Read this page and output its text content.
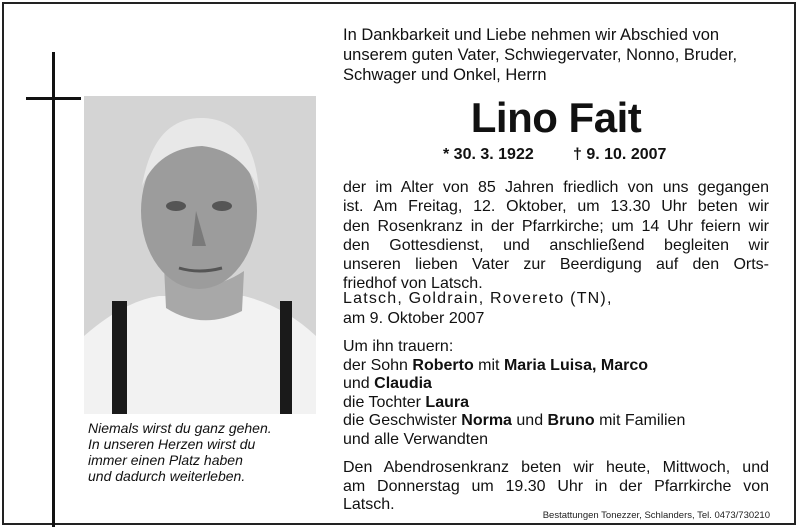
Niemals wirst du ganz gehen.
In unseren Herzen wirst du
immer einen Platz haben
und dadurch weiterleben.
In Dankbarkeit und Liebe nehmen wir Abschied von
unserem guten Vater, Schwiegervater, Nonno, Bruder,
Schwager und Onkel, Herrn
Lino Fait
* 30. 3. 1922 † 9. 10. 2007
der im Alter von 85 Jahren friedlich von uns gegangen
ist. Am Freitag, 12. Oktober, um 13.30 Uhr beten wir
den Rosenkranz in der Pfarrkirche; um 14 Uhr feiern wir
den Gottesdienst, und anschließend begleiten wir
unseren lieben Vater zur Beerdigung auf den Orts-
friedhof von Latsch.
Latsch, Goldrain, Rovereto (TN),
am 9. Oktober 2007
Um ihn trauern:
der Sohn Roberto mit Maria Luisa, Marco
und Claudia
die Tochter Laura
die Geschwister Norma und Bruno mit Familien
und alle Verwandten
Den Abendrosenkranz beten wir heute, Mittwoch, und
am Donnerstag um 19.30 Uhr in der Pfarrkirche von
Latsch.
Bestattungen Tonezzer, Schlanders, Tel. 0473/730210
